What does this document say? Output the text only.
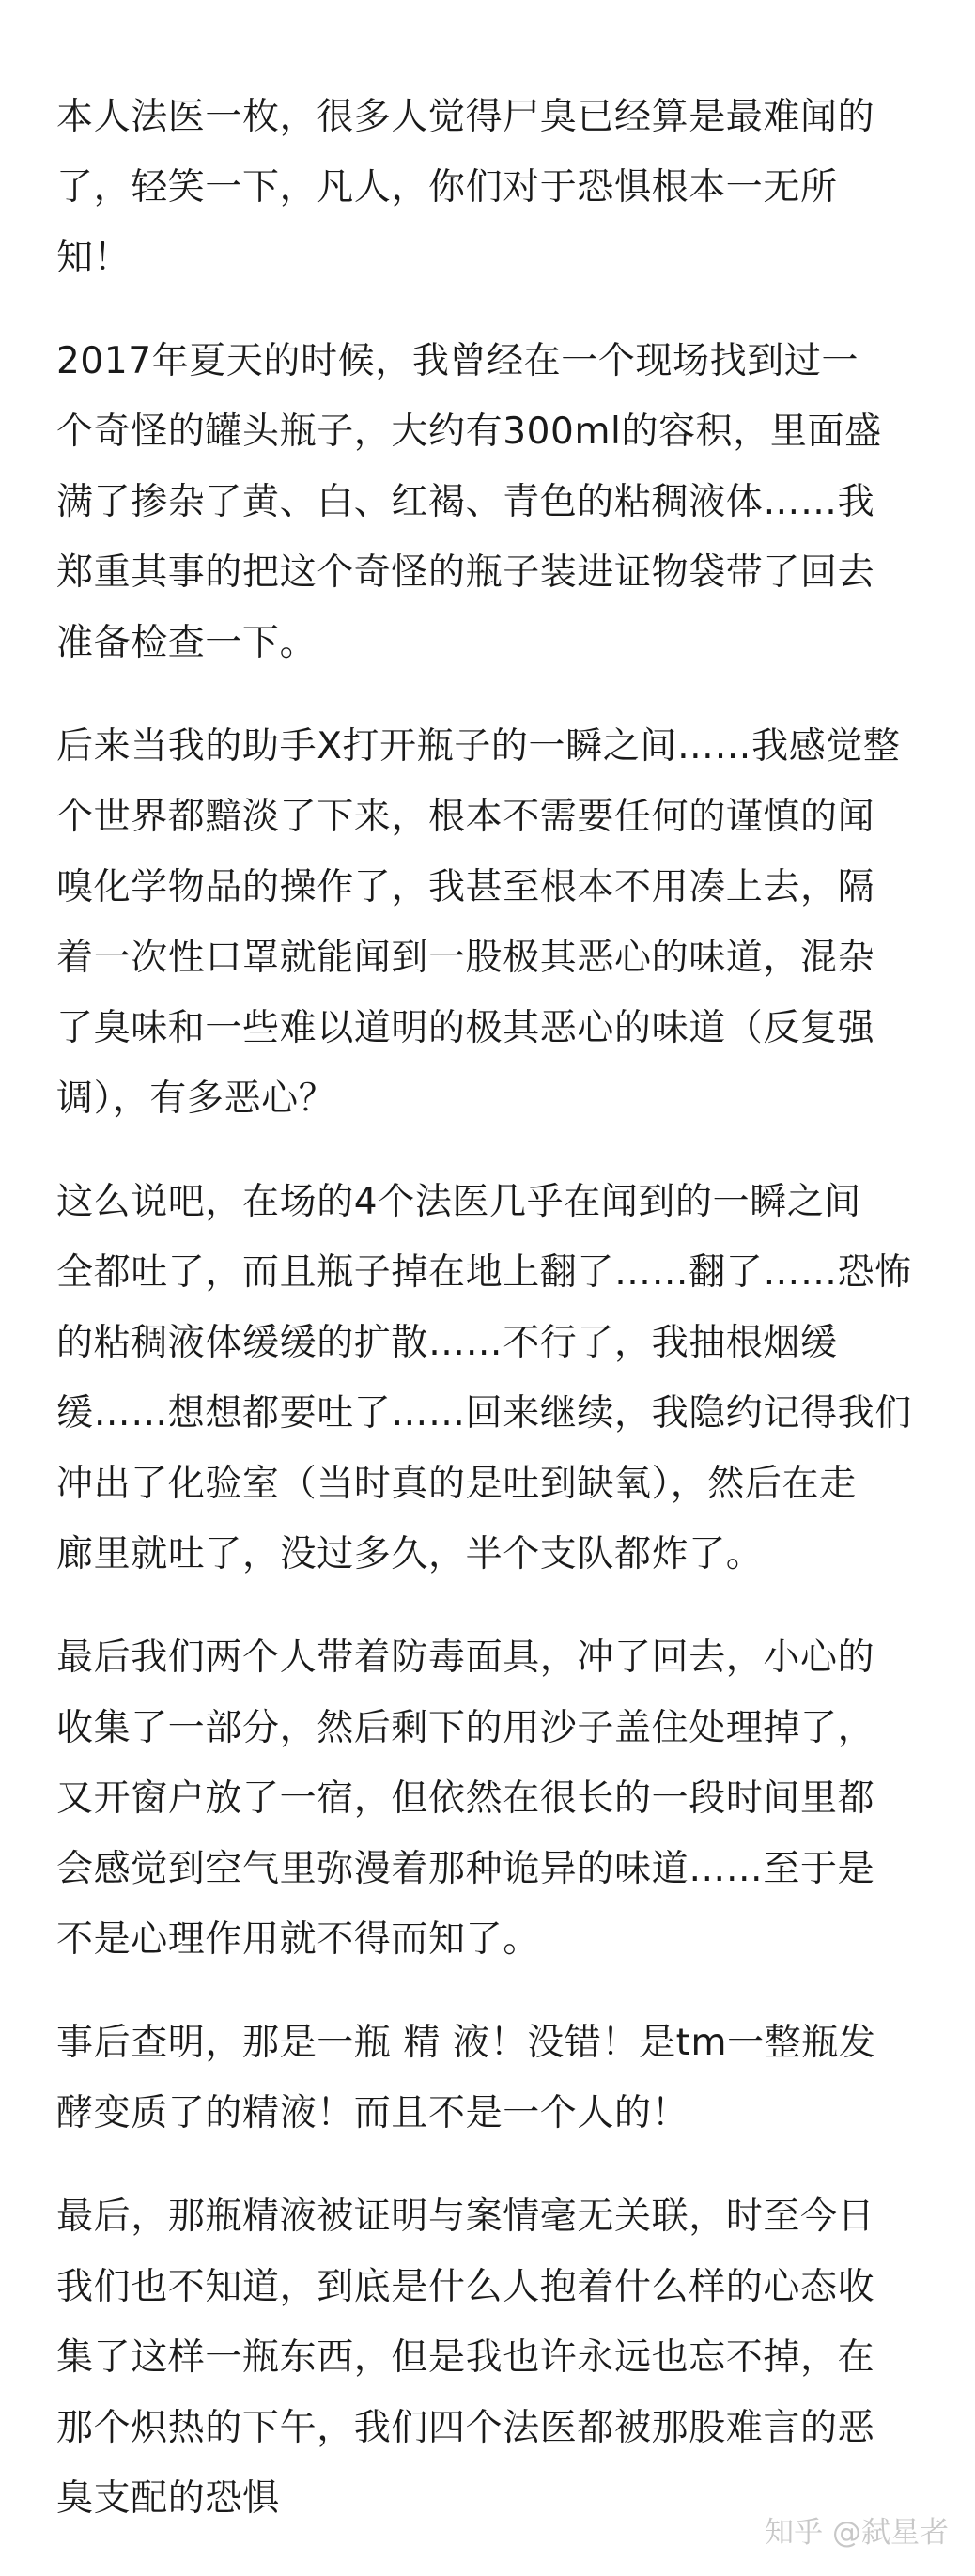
本人法医一枚，很多人觉得尸臭已经算是最难闻的
了，轻笑一下，凡人，你们对于恐惧根本一无所
知！
2017年夏天的时候，我曾经在一个现场找到过一
个奇怪的罐头瓶子，大约有300ml的容积，里面盛
满了掺杂了黄、白、红褐、青色的粘稠液体……我
郑重其事的把这个奇怪的瓶子装进证物袋带了回去
准备检查一下。
后来当我的助手X打开瓶子的一瞬之间……我感觉整
个世界都黯淡了下来，根本不需要任何的谨慎的闻
嗅化学物品的操作了，我甚至根本不用凑上去，隔
着一次性口罩就能闻到一股极其恶心的味道，混杂
了臭味和一些难以道明的极其恶心的味道（反复强
调），有多恶心？
这么说吧，在场的4个法医几乎在闻到的一瞬之间
全都吐了，而且瓶子掉在地上翻了……翻了……恐怖
的粘稠液体缓缓的扩散……不行了，我抽根烟缓
缓……想想都要吐了……回来继续，我隐约记得我们
冲出了化验室（当时真的是吐到缺氧），然后在走
廊里就吐了，没过多久，半个支队都炸了。
最后我们两个人带着防毒面具，冲了回去，小心的
收集了一部分，然后剩下的用沙子盖住处理掉了，
又开窗户放了一宿，但依然在很长的一段时间里都
会感觉到空气里弥漫着那种诡异的味道……至于是
不是心理作用就不得而知了。
事后查明，那是一瓶 精 液！没错！是tm一整瓶发
酵变质了的精液！而且不是一个人的！
最后，那瓶精液被证明与案情毫无关联，时至今日
我们也不知道，到底是什么人抱着什么样的心态收
集了这样一瓶东西，但是我也许永远也忘不掉，在
那个炽热的下午，我们四个法医都被那股难言的恶
臭支配的恐惧
知乎 @弑星者
